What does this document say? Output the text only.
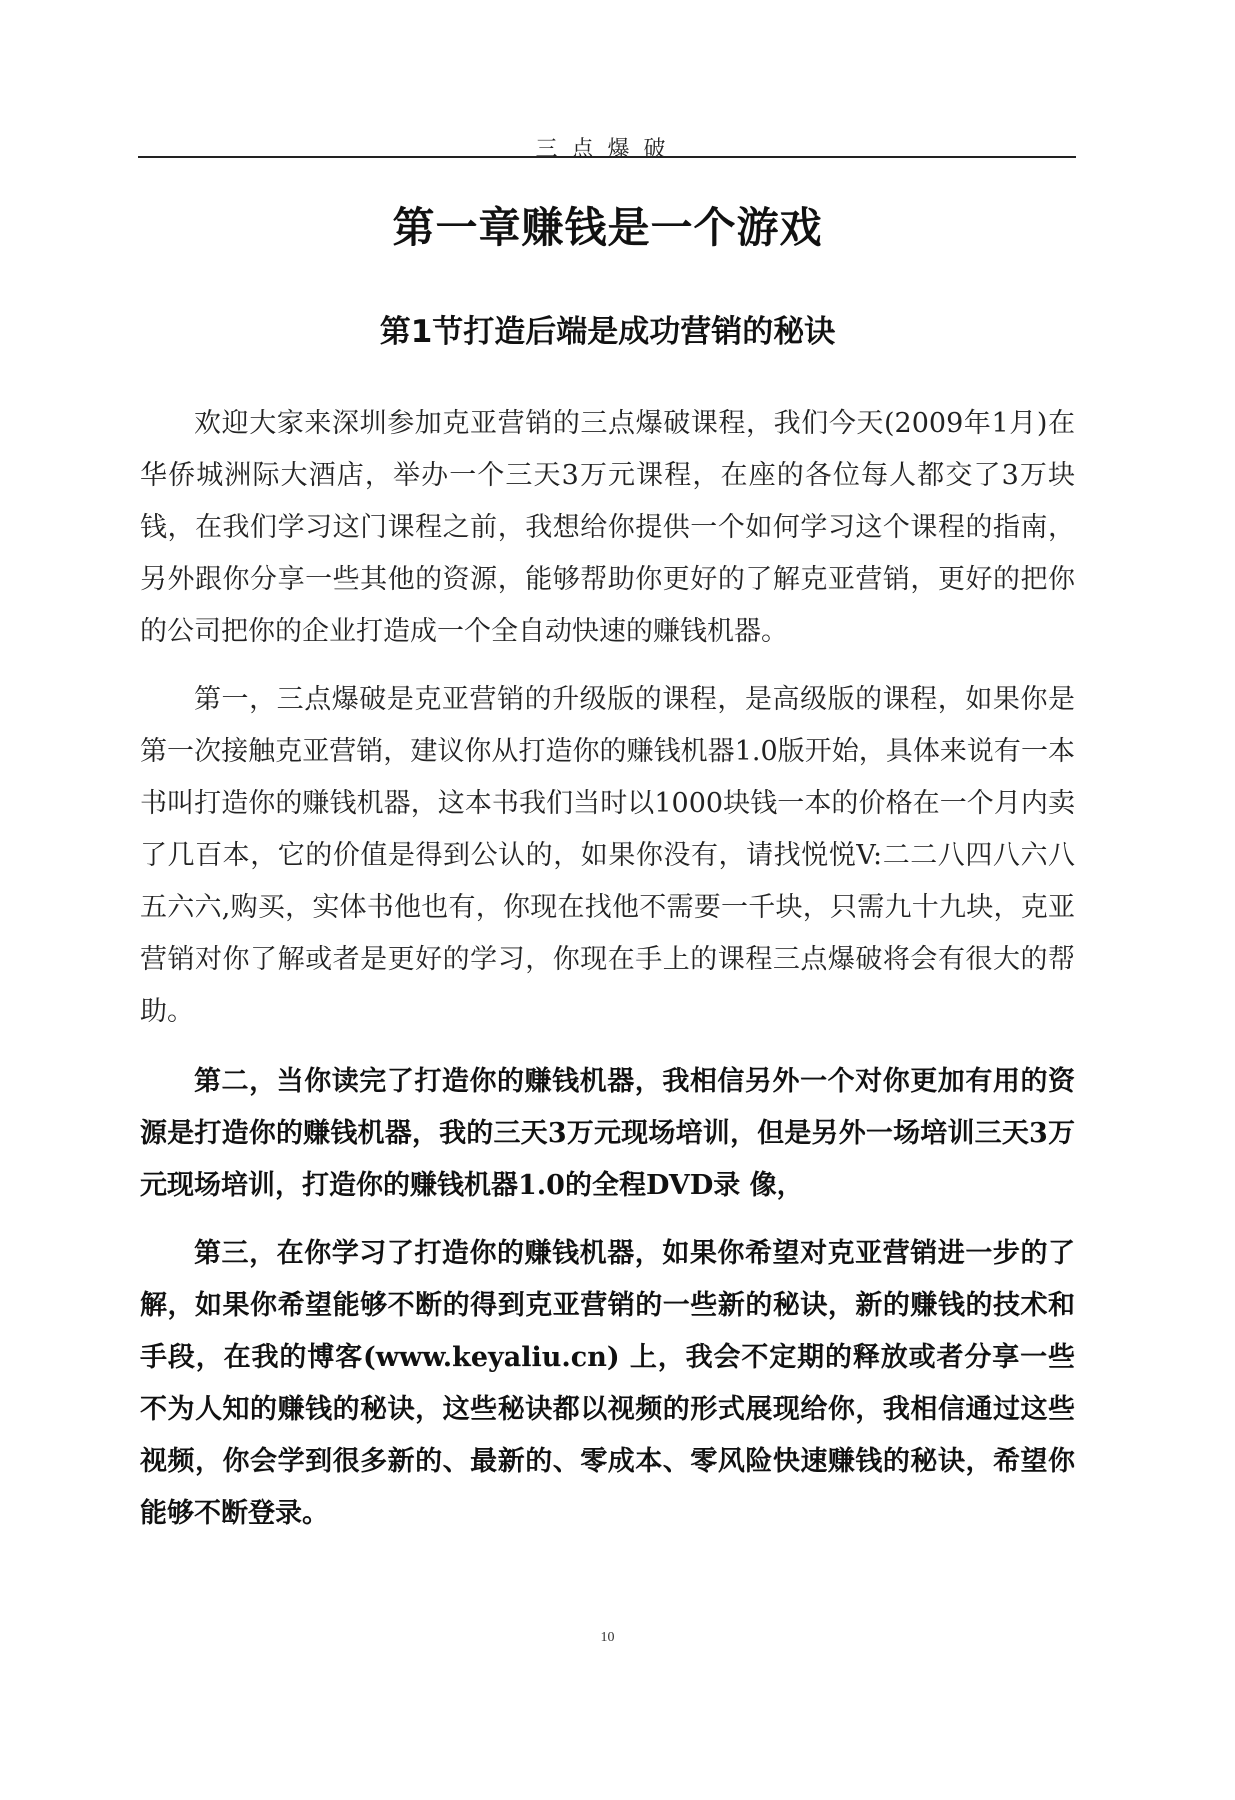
三点爆破
第一章赚钱是一个游戏
第1节打造后端是成功营销的秘诀

欢迎大家来深圳参加克亚营销的三点爆破课程，我们今天(2009年1月)在华侨城洲际大酒店，举办一个三天3万元课程，在座的各位每人都交了3万块钱，在我们学习这门课程之前，我想给你提供一个如何学习这个课程的指南，另外跟你分享一些其他的资源，能够帮助你更好的了解克亚营销，更好的把你的公司把你的企业打造成一个全自动快速的赚钱机器。

第一，三点爆破是克亚营销的升级版的课程，是高级版的课程，如果你是第一次接触克亚营销，建议你从打造你的赚钱机器1.0版开始，具体来说有一本书叫打造你的赚钱机器，这本书我们当时以1000块钱一本的价格在一个月内卖了几百本，它的价值是得到公认的，如果你没有，请找悦悦V:二二八四八六八五六六,购买，实体书他也有，你现在找他不需要一千块，只需九十九块，克亚营销对你了解或者是更好的学习，你现在手上的课程三点爆破将会有很大的帮助。

第二，当你读完了打造你的赚钱机器，我相信另外一个对你更加有用的资源是打造你的赚钱机器，我的三天3万元现场培训，但是另外一场培训三天3万元现场培训，打造你的赚钱机器1.0的全程DVD录 像，

第三，在你学习了打造你的赚钱机器，如果你希望对克亚营销进一步的了解，如果你希望能够不断的得到克亚营销的一些新的秘诀，新的赚钱的技术和手段，在我的博客(www.keyaliu.cn) 上，我会不定期的释放或者分享一些不为人知的赚钱的秘诀，这些秘诀都以视频的形式展现给你，我相信通过这些视频，你会学到很多新的、最新的、零成本、零风险快速赚钱的秘诀，希望你能够不断登录。

10
